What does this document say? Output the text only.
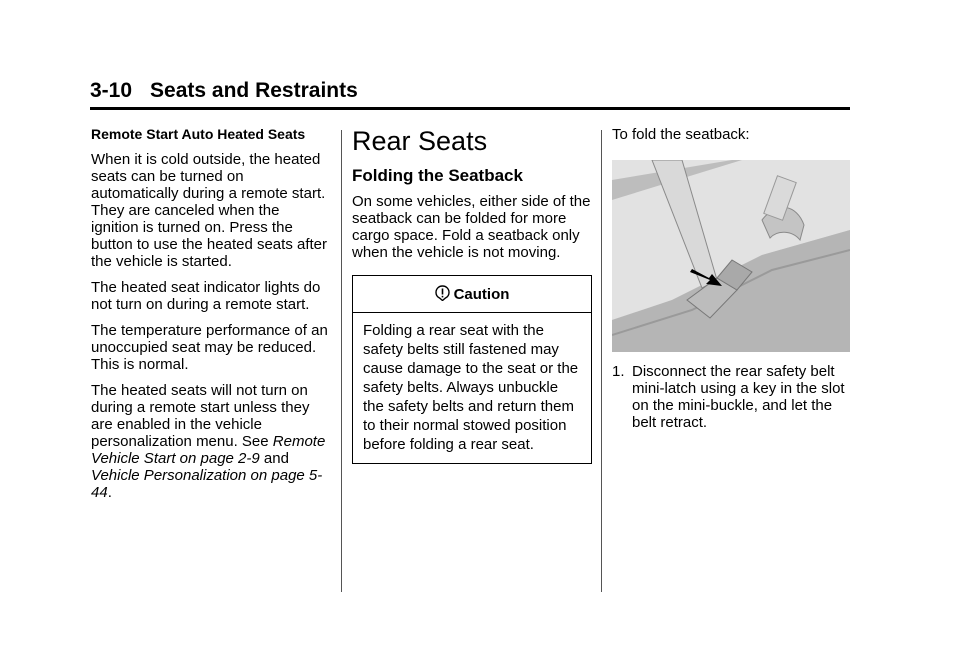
3-10 Seats and Restraints
Remote Start Auto Heated Seats

When it is cold outside, the heated seats can be turned on automatically during a remote start. They are canceled when the ignition is turned on. Press the button to use the heated seats after the vehicle is started.

The heated seat indicator lights do not turn on during a remote start.

The temperature performance of an unoccupied seat may be reduced. This is normal.

The heated seats will not turn on during a remote start unless they are enabled in the vehicle personalization menu. See Remote Vehicle Start on page 2-9 and Vehicle Personalization on page 5-44.

Rear Seats
Folding the Seatback

On some vehicles, either side of the seatback can be folded for more cargo space. Fold a seatback only when the vehicle is not moving.

Caution
Folding a rear seat with the safety belts still fastened may cause damage to the seat or the safety belts. Always unbuckle the safety belts and return them to their normal stowed position before folding a rear seat.

To fold the seatback:

1. Disconnect the rear safety belt mini-latch using a key in the slot on the mini-buckle, and let the belt retract.
